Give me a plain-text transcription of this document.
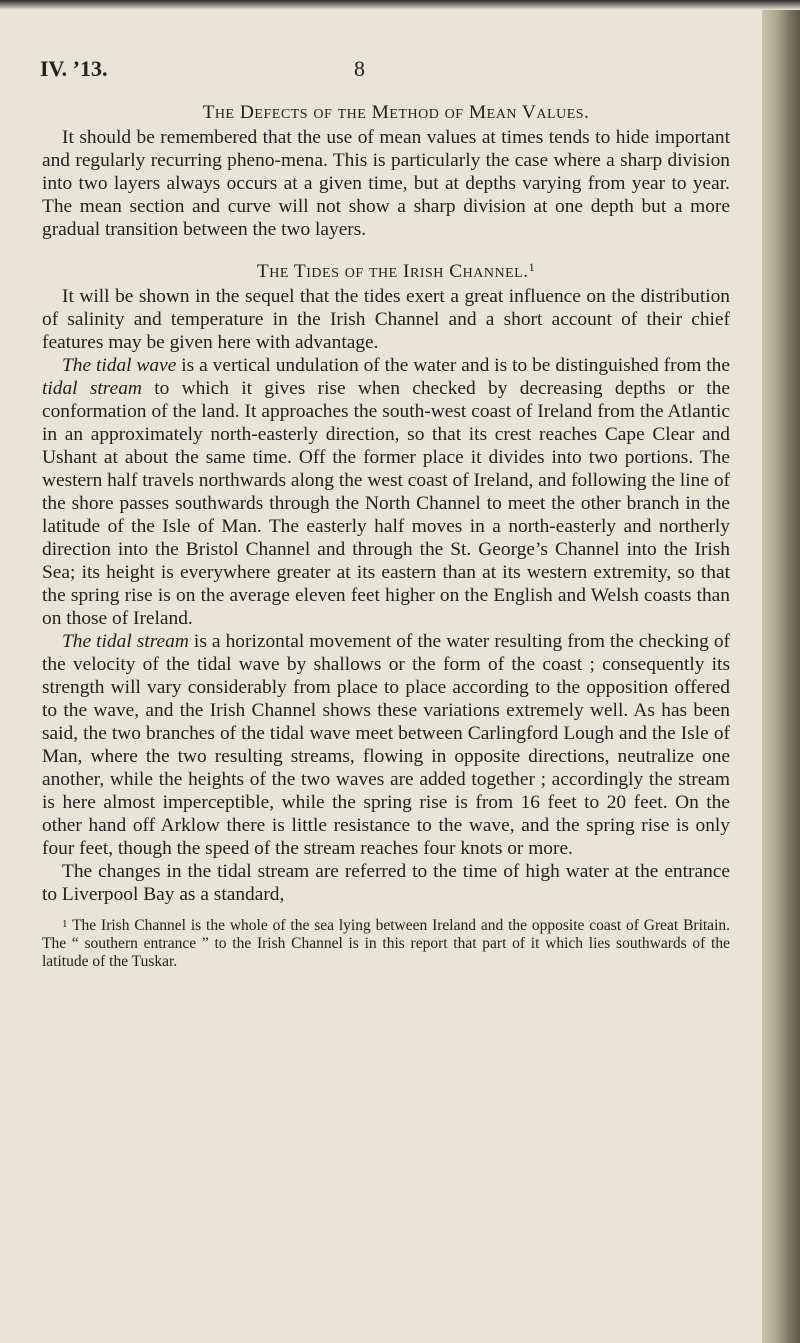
IV. ’13.	8

The Defects of the Method of Mean Values.

It should be remembered that the use of mean values at times tends to hide important and regularly recurring pheno-mena. This is particularly the case where a sharp division into two layers always occurs at a given time, but at depths varying from year to year. The mean section and curve will not show a sharp division at one depth but a more gradual transition between the two layers.

The Tides of the Irish Channel.$^1$

It will be shown in the sequel that the tides exert a great influence on the distribution of salinity and temperature in the Irish Channel and a short account of their chief features may be given here with advantage.

The tidal wave is a vertical undulation of the water and is to be distinguished from the tidal stream to which it gives rise when checked by decreasing depths or the conformation of the land. It approaches the south-west coast of Ireland from the Atlantic in an approximately north-easterly direction, so that its crest reaches Cape Clear and Ushant at about the same time. Off the former place it divides into two portions. The western half travels northwards along the west coast of Ireland, and following the line of the shore passes southwards through the North Channel to meet the other branch in the latitude of the Isle of Man. The easterly half moves in a north-easterly and northerly direction into the Bristol Channel and through the St. George’s Channel into the Irish Sea; its height is everywhere greater at its eastern than at its western extremity, so that the spring rise is on the average eleven feet higher on the English and Welsh coasts than on those of Ireland.

The tidal stream is a horizontal movement of the water resulting from the checking of the velocity of the tidal wave by shallows or the form of the coast ; consequently its strength will vary considerably from place to place according to the opposition offered to the wave, and the Irish Channel shows these variations extremely well. As has been said, the two branches of the tidal wave meet between Carlingford Lough and the Isle of Man, where the two resulting streams, flowing in opposite directions, neutralize one another, while the heights of the two waves are added together ; accordingly the stream is here almost imperceptible, while the spring rise is from 16 feet to 20 feet. On the other hand off Arklow there is little resistance to the wave, and the spring rise is only four feet, though the speed of the stream reaches four knots or more.

The changes in the tidal stream are referred to the time of high water at the entrance to Liverpool Bay as a standard,

$^1$ The Irish Channel is the whole of the sea lying between Ireland and the opposite coast of Great Britain. The “ southern entrance ” to the Irish Channel is in this report that part of it which lies southwards of the latitude of the Tuskar.
